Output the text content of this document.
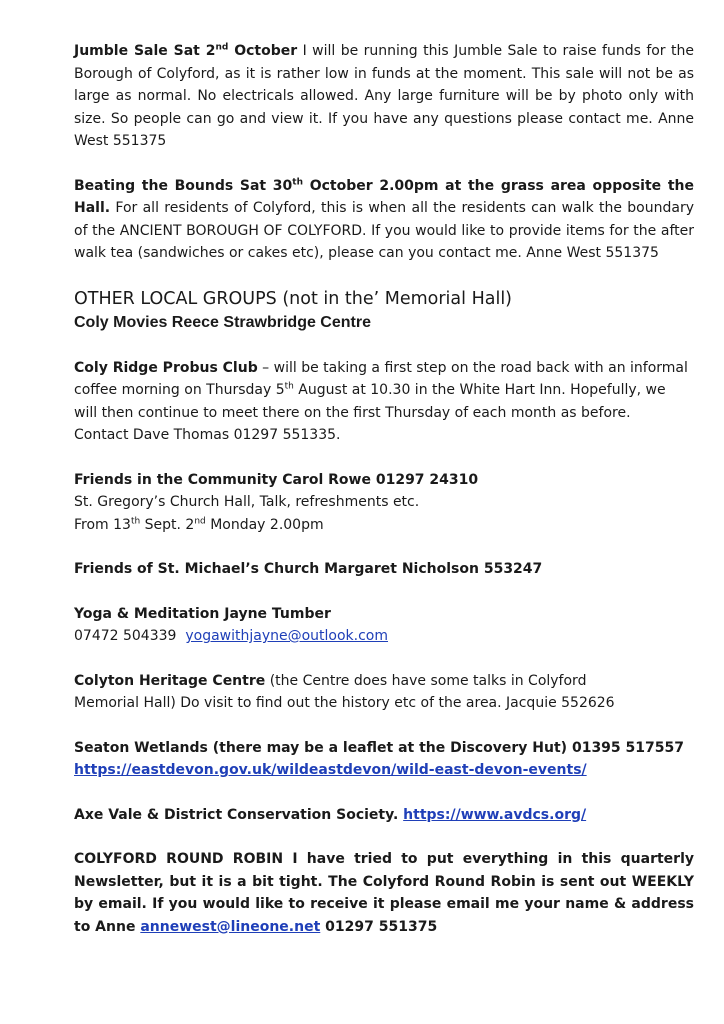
Jumble Sale Sat 2nd October I will be running this Jumble Sale to raise funds for the Borough of Colyford, as it is rather low in funds at the moment. This sale will not be as large as normal. No electricals allowed. Any large furniture will be by photo only with size. So people can go and view it. If you have any questions please contact me. Anne West 551375

Beating the Bounds Sat 30th October 2.00pm at the grass area opposite the Hall. For all residents of Colyford, this is when all the residents can walk the boundary of the ANCIENT BOROUGH OF COLYFORD. If you would like to provide items for the after walk tea (sandwiches or cakes etc), please can you contact me. Anne West 551375

OTHER LOCAL GROUPS (not in the’ Memorial Hall)

Coly Movies Reece Strawbridge Centre

Coly Ridge Probus Club – will be taking a first step on the road back with an informal

coffee morning on Thursday 5th August at 10.30 in the White Hart Inn. Hopefully, we

will then continue to meet there on the first Thursday of each month as before.

Contact Dave Thomas 01297 551335.

Friends in the Community Carol Rowe 01297 24310

St. Gregory’s Church Hall, Talk, refreshments etc.

From 13th Sept. 2nd Monday 2.00pm

Friends of St. Michael’s Church Margaret Nicholson 553247

Yoga & Meditation Jayne Tumber

07472 504339 yogawithjayne@outlook.com

Colyton Heritage Centre (the Centre does have some talks in Colyford

Memorial Hall) Do visit to find out the history etc of the area. Jacquie 552626

Seaton Wetlands (there may be a leaflet at the Discovery Hut) 01395 517557

https://eastdevon.gov.uk/wildeastdevon/wild-east-devon-events/

Axe Vale & District Conservation Society. https://www.avdcs.org/

COLYFORD ROUND ROBIN I have tried to put everything in this quarterly Newsletter, but it is a bit tight. The Colyford Round Robin is sent out WEEKLY by email. If you would like to receive it please email me your name & address to Anne annewest@lineone.net 01297 551375
